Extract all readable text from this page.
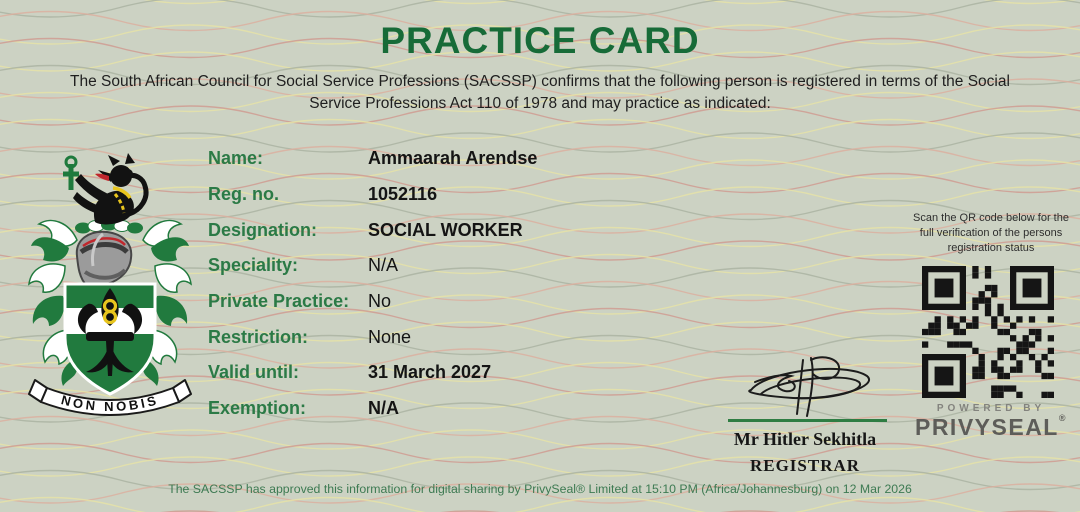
PRACTICE CARD
The South African Council for Social Service Professions (SACSSP) confirms that the following person is registered in terms of the Social
Service Professions Act 110 of 1978 and may practice as indicated:
NON NOBIS
Name:	Ammaarah Arendse
Reg. no.	1052116
Designation:	SOCIAL WORKER
Speciality:	N/A
Private Practice:	No
Restriction:	None
Valid until:	31 March 2027
Exemption:	N/A
Scan the QR code below for the full verification of the persons registration status
POWERED BY
PRIVYSEAL®
Mr Hitler Sekhitla
REGISTRAR
The SACSSP has approved this information for digital sharing by PrivySeal® Limited at 15:10 PM (Africa/Johannesburg) on 12 Mar 2026
